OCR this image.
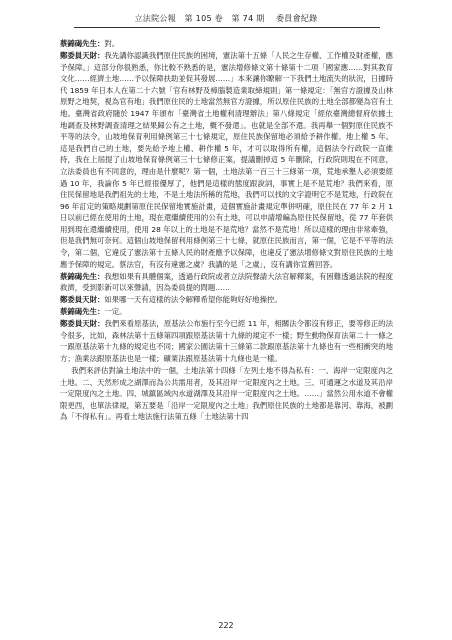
立法院公報 第 105 卷 第 74 期 委員會紀錄

蔡錦碣先生：對。

鄭委員天財：我先講你認識我們原住民族的困境，憲法第十五條「人民之生存權、工作權及財產權，應予保障。」這部分你很熟悉，你比較不熟悉的是，憲法增修條文第十條第十二項「國家應……對其教育文化……經濟土地……予以保障扶助並促其發展……」本來讓你瞭解一下我們土地流失的狀況，日據時代 1859 年日本人在第二十六號「官有林野及樟腦製造業取締規則」第一條規定：「無官方證據及山林原野之地契，視為官有地」我們原住民的土地當然無官方證據，所以原住民族的土地全部都變為官有土地。臺灣省政府隨於 1947 年頒布「臺灣省土地權利清理辦法」第八條規定「經依臺灣總督府依據土地調查及林野調查清理之結果歸公有之土地，概不發還」。也就是全部不還。我再舉一個對原住民族不平等的法令，山坡地保育利用條例第三十七條規定，原住民族保留地必須給予耕作權、地上權 5 年。這是我們自己的土地，要先給予地上權、耕作權 5 年，才可以取得所有權，這個法令行政院一直維持，我在上屆提了山坡地保育條例第三十七條修正案，提議刪掉這 5 年刪除，行政院則現在不同意，立法委員也有不同意的，理由是什麼呢？第一個，土地法第一百三十三條第一項，荒地承墾人必須要經過 10 年，我論你 5 年已經很優厚了，他們是這樣的態度跟說詞，事實上是不是荒地？我們來看，原住民保留地是我們祖先的土地，不是土地法所稱的荒地，我們可以找的文字證明它不是荒地，行政院在 96 年訂定的策略規劃第原住民保留地實施計畫，這個實施計畫規定準併明確，原住民在 77 年 2 月 1 日以前已經在使用的土地，現在還繼續使用的公有土地，可以申請增編為原住民保留地，從 77 年套供用到現在還繼續使用，使用 28 年以上的土地是不是荒地？當然不是荒地！所以這樣的理由非常牽強，但是我們無可奈何。這個山坡地保留利用條例第三十七條，就原住民族而言，第一個，它是不平等的法令，第二個，它違反了憲法第十五條人民的財產應予以保障，也違反了憲法增修條文對原住民族的土地應予保障的規定。蔡法官，有沒有違憲之虞？我講的是「之虞」，沒有講你宣舊回答。

蔡錦碣先生：我想如果有具體個案，透過行政院或者立法院聲請大法官解釋案，有困難透過法院的程度救濟，受到影新可以來聲請，因為委員提的問題……

鄭委員天財：如果哪一天有這樣的法令解釋希望你能夠好好地操控。

蔡錦碣先生：一定。

鄭委員天財：我們來看原基法，原基法公布施行至今已經 11 年，相關法令都沒有修正，要等修正的法令很多，比如，森林法第十五條第四項跟原基法第十九條的規定不一樣；野生動物保育法第二十一條之一跟原基法第十九條的規定也不同；國家公園法第十三條第二款跟原基法第十九條也有一些相衝突的地方；漁業法跟原基法也是一樣；礦業法跟原基法第十九條也是一樣。

我們來評估對論土地法中的一個，土地法第十四條「左列土地不得為私有：一、海岸一定限度內之土地。二、天然形成之湖澤而為公共需用者，及其沿岸一定限度內之土地。三、可通運之水道及其沿岸一定限度內之土地。四、城鎮區域內水道湖澤及其沿岸一定限度內之土地。……」當然公用水道不會權限更西，也單法律規，第五要是「沿岸一定限度內之土地」我們原住民族的土地都是靠河、靠海，被劃為「不得私有」。再看土地法施行法第五條「土地法第十四

222
